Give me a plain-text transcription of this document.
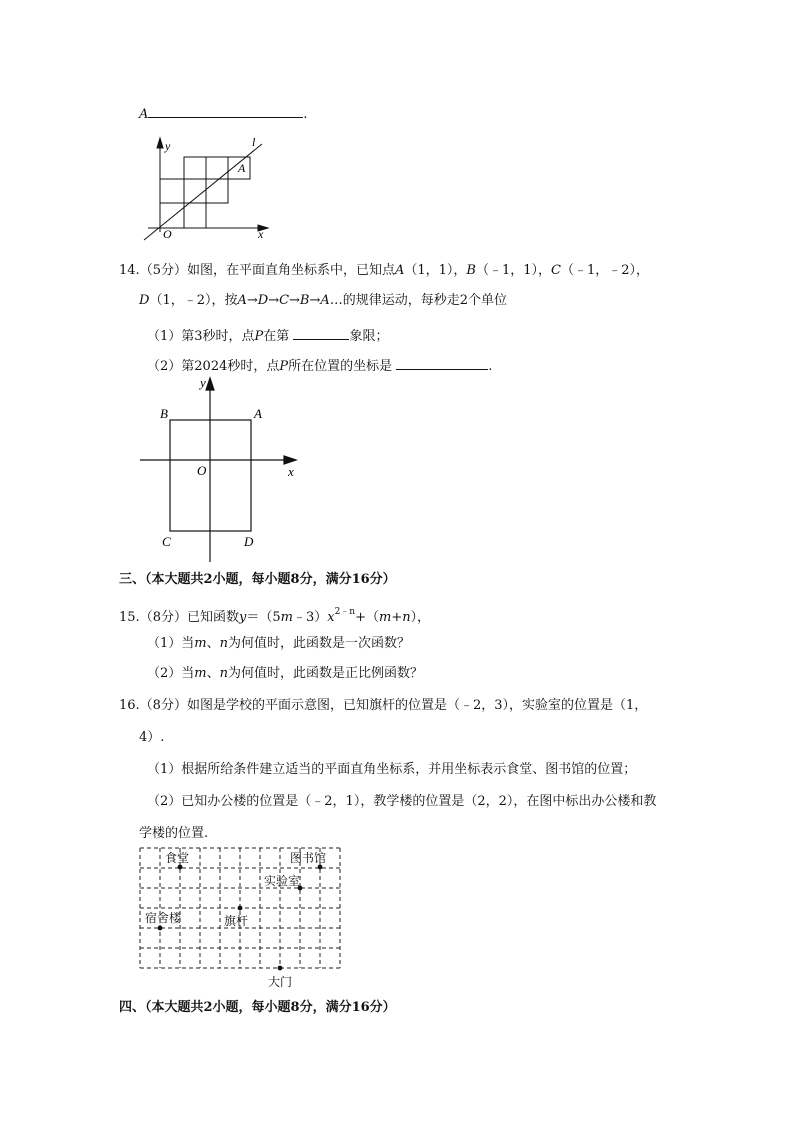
A	.
y
x
O
l
A
14.（5分）如图，在平面直角坐标系中，已知点A（1，1），B（﹣1，1），C（﹣1，﹣2），
D（1，﹣2），按A→D→C→B→A…的规律运动，每秒走2个单位
（1）第3秒时，点P在第	象限；
（2）第2024秒时，点P所在位置的坐标是	.
y
x
O
A
B
C	D
三、（本大题共2小题，每小题8分，满分16分）
15.（8分）已知函数$y=(5m﹣3)x^{2﹣n}+(m+n)$，
（1）当m、n为何值时，此函数是一次函数？
（2）当m、n为何值时，此函数是正比例函数？
16.（8分）如图是学校的平面示意图，已知旗杆的位置是（﹣2，3），实验室的位置是（1，
4）.
（1）根据所给条件建立适当的平面直角坐标系，并用坐标表示食堂、图书馆的位置；
（2）已知办公楼的位置是（﹣2，1），教学楼的位置是（2，2），在图中标出办公楼和教
学楼的位置.
食堂	图书馆
实验室
宿舍楼	旗杆
大门
四、（本大题共2小题，每小题8分，满分16分）
